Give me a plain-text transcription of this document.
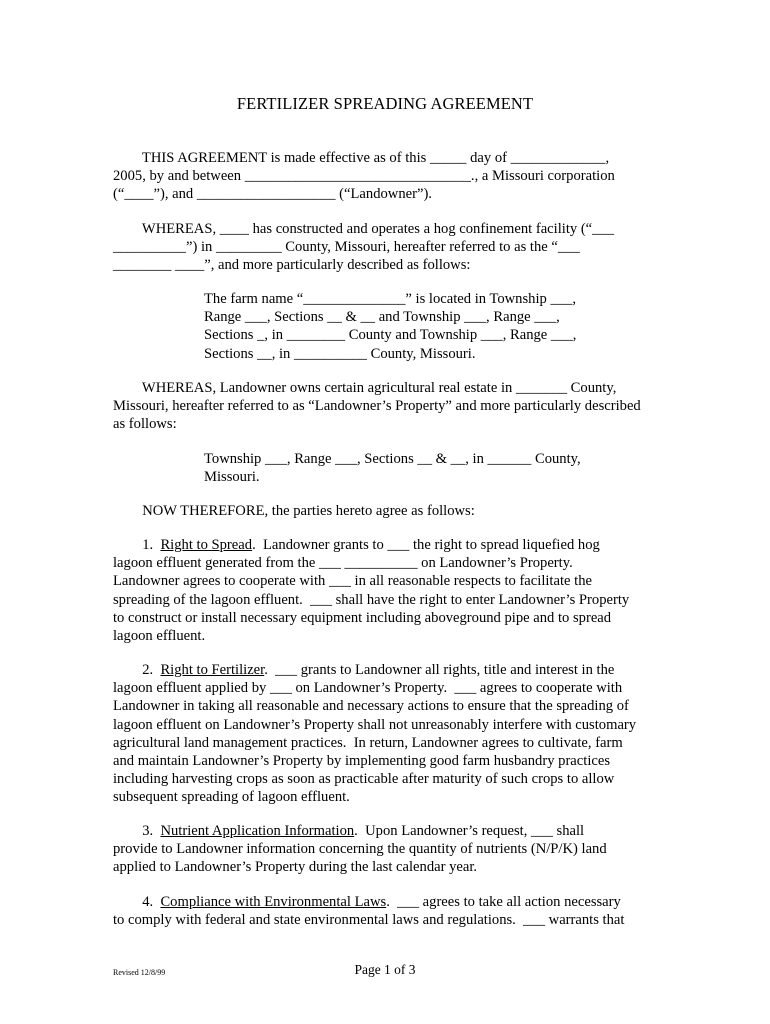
FERTILIZER SPREADING AGREEMENT
THIS AGREEMENT is made effective as of this _____ day of _____________,
2005, by and between _______________________________., a Missouri corporation
(“____”), and ___________________ (“Landowner”).
WHEREAS, ____ has constructed and operates a hog confinement facility (“___
__________”) in _________ County, Missouri, hereafter referred to as the “___
________ ____”, and more particularly described as follows:
The farm name “______________” is located in Township ___,
Range ___, Sections __ & __ and Township ___, Range ___,
Sections _, in ________ County and Township ___, Range ___,
Sections __, in __________ County, Missouri.
WHEREAS, Landowner owns certain agricultural real estate in _______ County,
Missouri, hereafter referred to as “Landowner’s Property” and more particularly described
as follows:
Township ___, Range ___, Sections __ & __, in ______ County,
Missouri.
NOW THEREFORE, the parties hereto agree as follows:
1.  Right to Spread.  Landowner grants to ___ the right to spread liquefied hog
lagoon effluent generated from the ___ __________ on Landowner’s Property.
Landowner agrees to cooperate with ___ in all reasonable respects to facilitate the
spreading of the lagoon effluent.  ___ shall have the right to enter Landowner’s Property
to construct or install necessary equipment including aboveground pipe and to spread
lagoon effluent.
2.  Right to Fertilizer.  ___ grants to Landowner all rights, title and interest in the
lagoon effluent applied by ___ on Landowner’s Property.  ___ agrees to cooperate with
Landowner in taking all reasonable and necessary actions to ensure that the spreading of
lagoon effluent on Landowner’s Property shall not unreasonably interfere with customary
agricultural land management practices.  In return, Landowner agrees to cultivate, farm
and maintain Landowner’s Property by implementing good farm husbandry practices
including harvesting crops as soon as practicable after maturity of such crops to allow
subsequent spreading of lagoon effluent.
3.  Nutrient Application Information.  Upon Landowner’s request, ___ shall
provide to Landowner information concerning the quantity of nutrients (N/P/K) land
applied to Landowner’s Property during the last calendar year.
4.  Compliance with Environmental Laws.  ___ agrees to take all action necessary
to comply with federal and state environmental laws and regulations.  ___ warrants that
Revised 12/8/99	Page 1 of 3
